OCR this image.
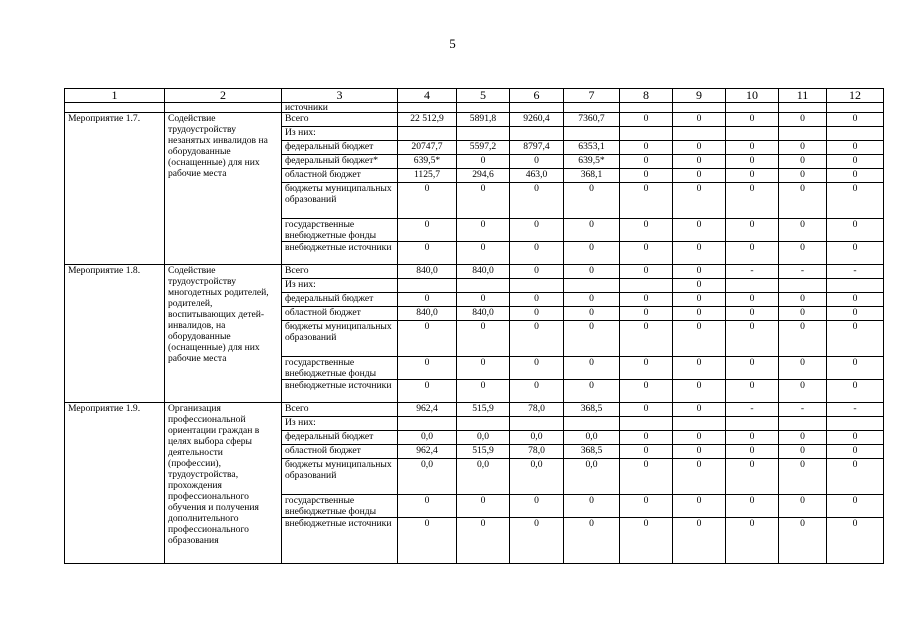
5
1	2	3	4	5	6	7	8	9	10	11	12
		источники									
Мероприятие 1.7.	Содействие трудоустройству незанятых инвалидов на оборудованные (оснащенные) для них рабочие места	Всего	22 512,9	5891,8	9260,4	7360,7	0	0	0	0	0
		Из них:									
		федеральный бюджет	20747,7	5597,2	8797,4	6353,1	0	0	0	0	0
		федеральный бюджет*	639,5*	0	0	639,5*	0	0	0	0	0
		областной бюджет	1125,7	294,6	463,0	368,1	0	0	0	0	0
		бюджеты муниципальных образований	0	0	0	0	0	0	0	0	0
		государственные внебюджетные фонды	0	0	0	0	0	0	0	0	0
		внебюджетные источники	0	0	0	0	0	0	0	0	0
Мероприятие 1.8.	Содействие трудоустройству многодетных родителей, родителей, воспитывающих детей-инвалидов, на оборудованные (оснащенные) для них рабочие места	Всего	840,0	840,0	0	0	0	0	-	-	-
		Из них:						0			
		федеральный бюджет	0	0	0	0	0	0	0	0	0
		областной бюджет	840,0	840,0	0	0	0	0	0	0	0
		бюджеты муниципальных образований	0	0	0	0	0	0	0	0	0
		государственные внебюджетные фонды	0	0	0	0	0	0	0	0	0
		внебюджетные источники	0	0	0	0	0	0	0	0	0
Мероприятие 1.9.	Организация профессиональной ориентации граждан в целях выбора сферы деятельности (профессии), трудоустройства, прохождения профессионального обучения и получения дополнительного профессионального образования	Всего	962,4	515,9	78,0	368,5	0	0	-	-	-
		Из них:									
		федеральный бюджет	0,0	0,0	0,0	0,0	0	0	0	0	0
		областной бюджет	962,4	515,9	78,0	368,5	0	0	0	0	0
		бюджеты муниципальных образований	0,0	0,0	0,0	0,0	0	0	0	0	0
		государственные внебюджетные фонды	0	0	0	0	0	0	0	0	0
		внебюджетные источники	0	0	0	0	0	0	0	0	0
